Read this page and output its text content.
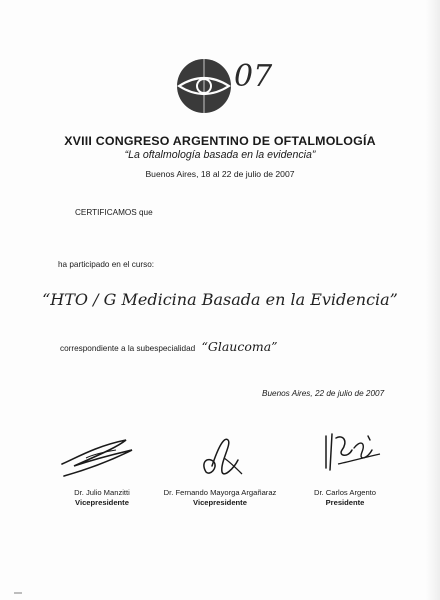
07
XVIII CONGRESO ARGENTINO DE OFTALMOLOGÍA
“La oftalmología basada en la evidencia”
Buenos Aires, 18 al 22 de julio de 2007
CERTIFICAMOS que
ha participado en el curso:
“HTO / G Medicina Basada en la Evidencia”
correspondiente a la subespecialidad “Glaucoma”
Buenos Aires, 22 de julio de 2007
Dr. Julio Manzitti
Vicepresidente
Dr. Fernando Mayorga Argañaraz
Vicepresidente
Dr. Carlos Argento
Presidente
